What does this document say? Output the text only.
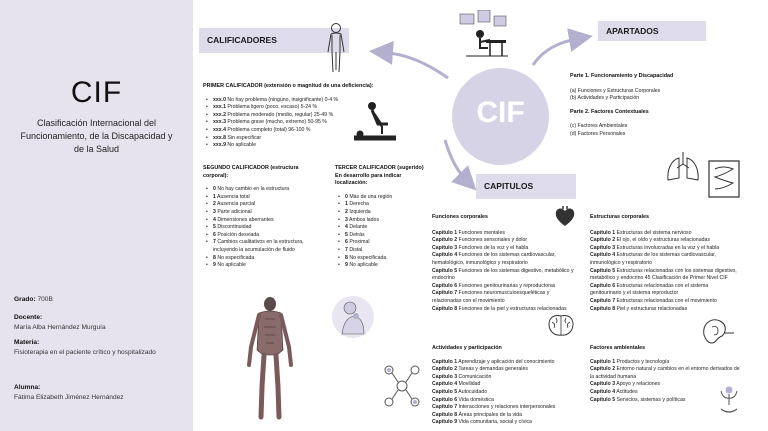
CIF
Clasificación Internacional del Funcionamiento, de la Discapacidad y de la Salud
Grado: 700B
Docente:
María Alba Hernández Murguía
Materia:
Fisioterapia en el paciente crítico y hospitalizado
Alumna:
Fátima Elizabeth Jiménez Hernández
CIF
CALIFICADORES
PRIMER CALIFICADOR (extensión o magnitud de una deficiencia):
• xxx.0 No hay problema (ninguno, insignificante) 0-4 %
• xxx.1 Problema ligero (poco, escaso) 5-24 %
• xxx.2 Problema moderado (medio, regular) 25-49 %
• xxx.3 Problema grave (mucho, extremo) 50-95 %
• xxx.4 Problema completo (total) 96-100 %
• xxx.8 Sin especificar
• xxx.9 No aplicable
SEGUNDO CALIFICADOR (estructura corporal):
• 0 No hay cambio en la estructura
• 1 Ausencia total
• 2 Ausencia parcial
• 3 Parte adicional
• 4 Dimensiones aberrantes
• 5 Discontinuidad
• 6 Posición desviada
• 7 Cambios cualitativos en la estructura, incluyendo la acumulación de fluido
• 8 No especificada
• 9 No aplicable
TERCER CALIFICADOR (sugerido) En desarrollo para indicar localización:
• 0 Más de una región
• 1 Derecha
• 2 Izquierda
• 3 Ambos lados
• 4 Delante
• 5 Detrás
• 6 Proximal
• 7 Distal
• 8 No especificada
• 9 No aplicable
APARTADOS
Parte 1. Funcionamiento y Discapacidad
(a) Funciones y Estructuras Corporales
(b) Actividades y Participación
Parte 2. Factores Contextuales
(c) Factores Ambientales
(d) Factores Personales
CAPITULOS
Funciones corporales
Capítulo 1 Funciones mentales
Capítulo 2 Funciones sensoriales y dolor
Capítulo 3 Funciones de la voz y el habla
Capítulo 4 Funciones de los sistemas cardiovascular, hematológico, inmunológico y respiratorio
Capítulo 5 Funciones de los sistemas digestivo, metabólico y endocrino
Capítulo 6 Funciones genitourinarias y reproductoras
Capítulo 7 Funciones neuromusculoesqueléticas y relacionadas con el movimiento
Capítulo 8 Funciones de la piel y estructuras relacionadas
Estructuras corporales
Capítulo 1 Estructuras del sistema nervioso
Capítulo 2 El ojo, el oído y estructuras relacionadas
Capítulo 3 Estructuras involucradas en la voz y el habla
Capítulo 4 Estructuras de los sistemas cardiovascular, inmunológico y respiratorio
Capítulo 5 Estructuras relacionadas con los sistemas digestivo, metabólico y endocrino 45 Clasificación de Primer Nivel CIF
Capítulo 6 Estructuras relacionadas con el sistema genitourinario y el sistema reproductor
Capítulo 7 Estructuras relacionadas con el movimiento
Capítulo 8 Piel y estructuras relacionadas
Actividades y participación
Capítulo 1 Aprendizaje y aplicación del conocimiento
Capítulo 2 Tareas y demandas generales
Capítulo 3 Comunicación
Capítulo 4 Movilidad
Capítulo 5 Autocuidado
Capítulo 6 Vida doméstica
Capítulo 7 Interacciones y relaciones interpersonales
Capítulo 8 Áreas principales de la vida
Capítulo 9 Vida comunitaria, social y cívica
Factores ambientales
Capítulo 1 Productos y tecnología
Capítulo 2 Entorno natural y cambios en el entorno derivados de la actividad humana
Capítulo 3 Apoyo y relaciones
Capítulo 4 Actitudes
Capítulo 5 Servicios, sistemas y políticas
